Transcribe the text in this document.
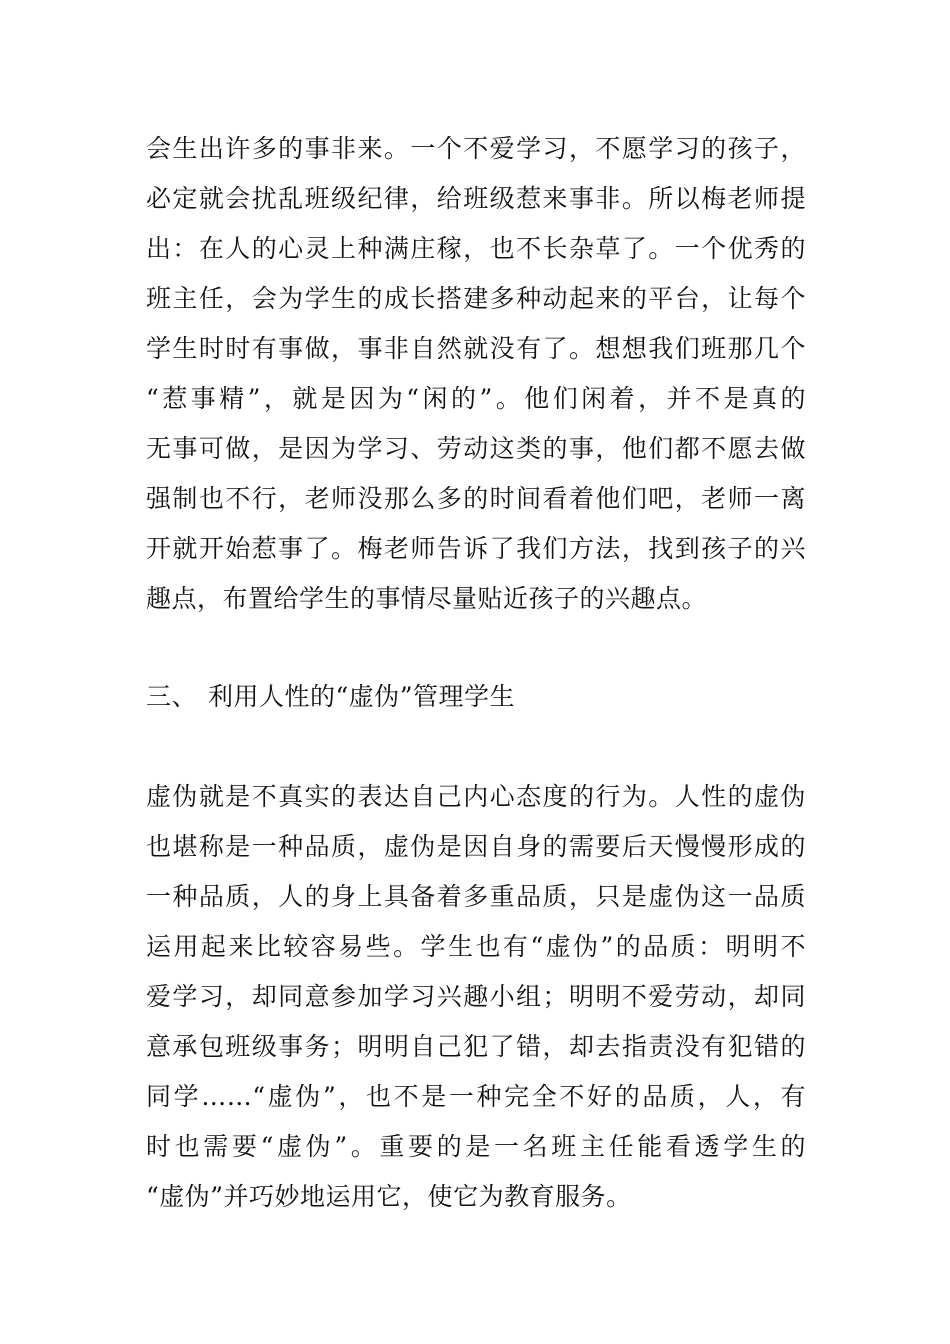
会生出许多的事非来。一个不爱学习，不愿学习的孩子，
必定就会扰乱班级纪律，给班级惹来事非。所以梅老师提
出：在人的心灵上种满庄稼，也不长杂草了。一个优秀的
班主任，会为学生的成长搭建多种动起来的平台，让每个
学生时时有事做，事非自然就没有了。想想我们班那几个
“惹事精”，就是因为“闲的”。他们闲着，并不是真的
无事可做，是因为学习、劳动这类的事，他们都不愿去做
强制也不行，老师没那么多的时间看着他们吧，老师一离
开就开始惹事了。梅老师告诉了我们方法，找到孩子的兴
趣点，布置给学生的事情尽量贴近孩子的兴趣点。
三、 利用人性的“虚伪”管理学生
虚伪就是不真实的表达自己内心态度的行为。人性的虚伪
也堪称是一种品质，虚伪是因自身的需要后天慢慢形成的
一种品质，人的身上具备着多重品质，只是虚伪这一品质
运用起来比较容易些。学生也有“虚伪”的品质：明明不
爱学习，却同意参加学习兴趣小组；明明不爱劳动，却同
意承包班级事务；明明自己犯了错，却去指责没有犯错的
同学……“虚伪”，也不是一种完全不好的品质，人，有
时也需要“虚伪”。重要的是一名班主任能看透学生的
“虚伪”并巧妙地运用它，使它为教育服务。
